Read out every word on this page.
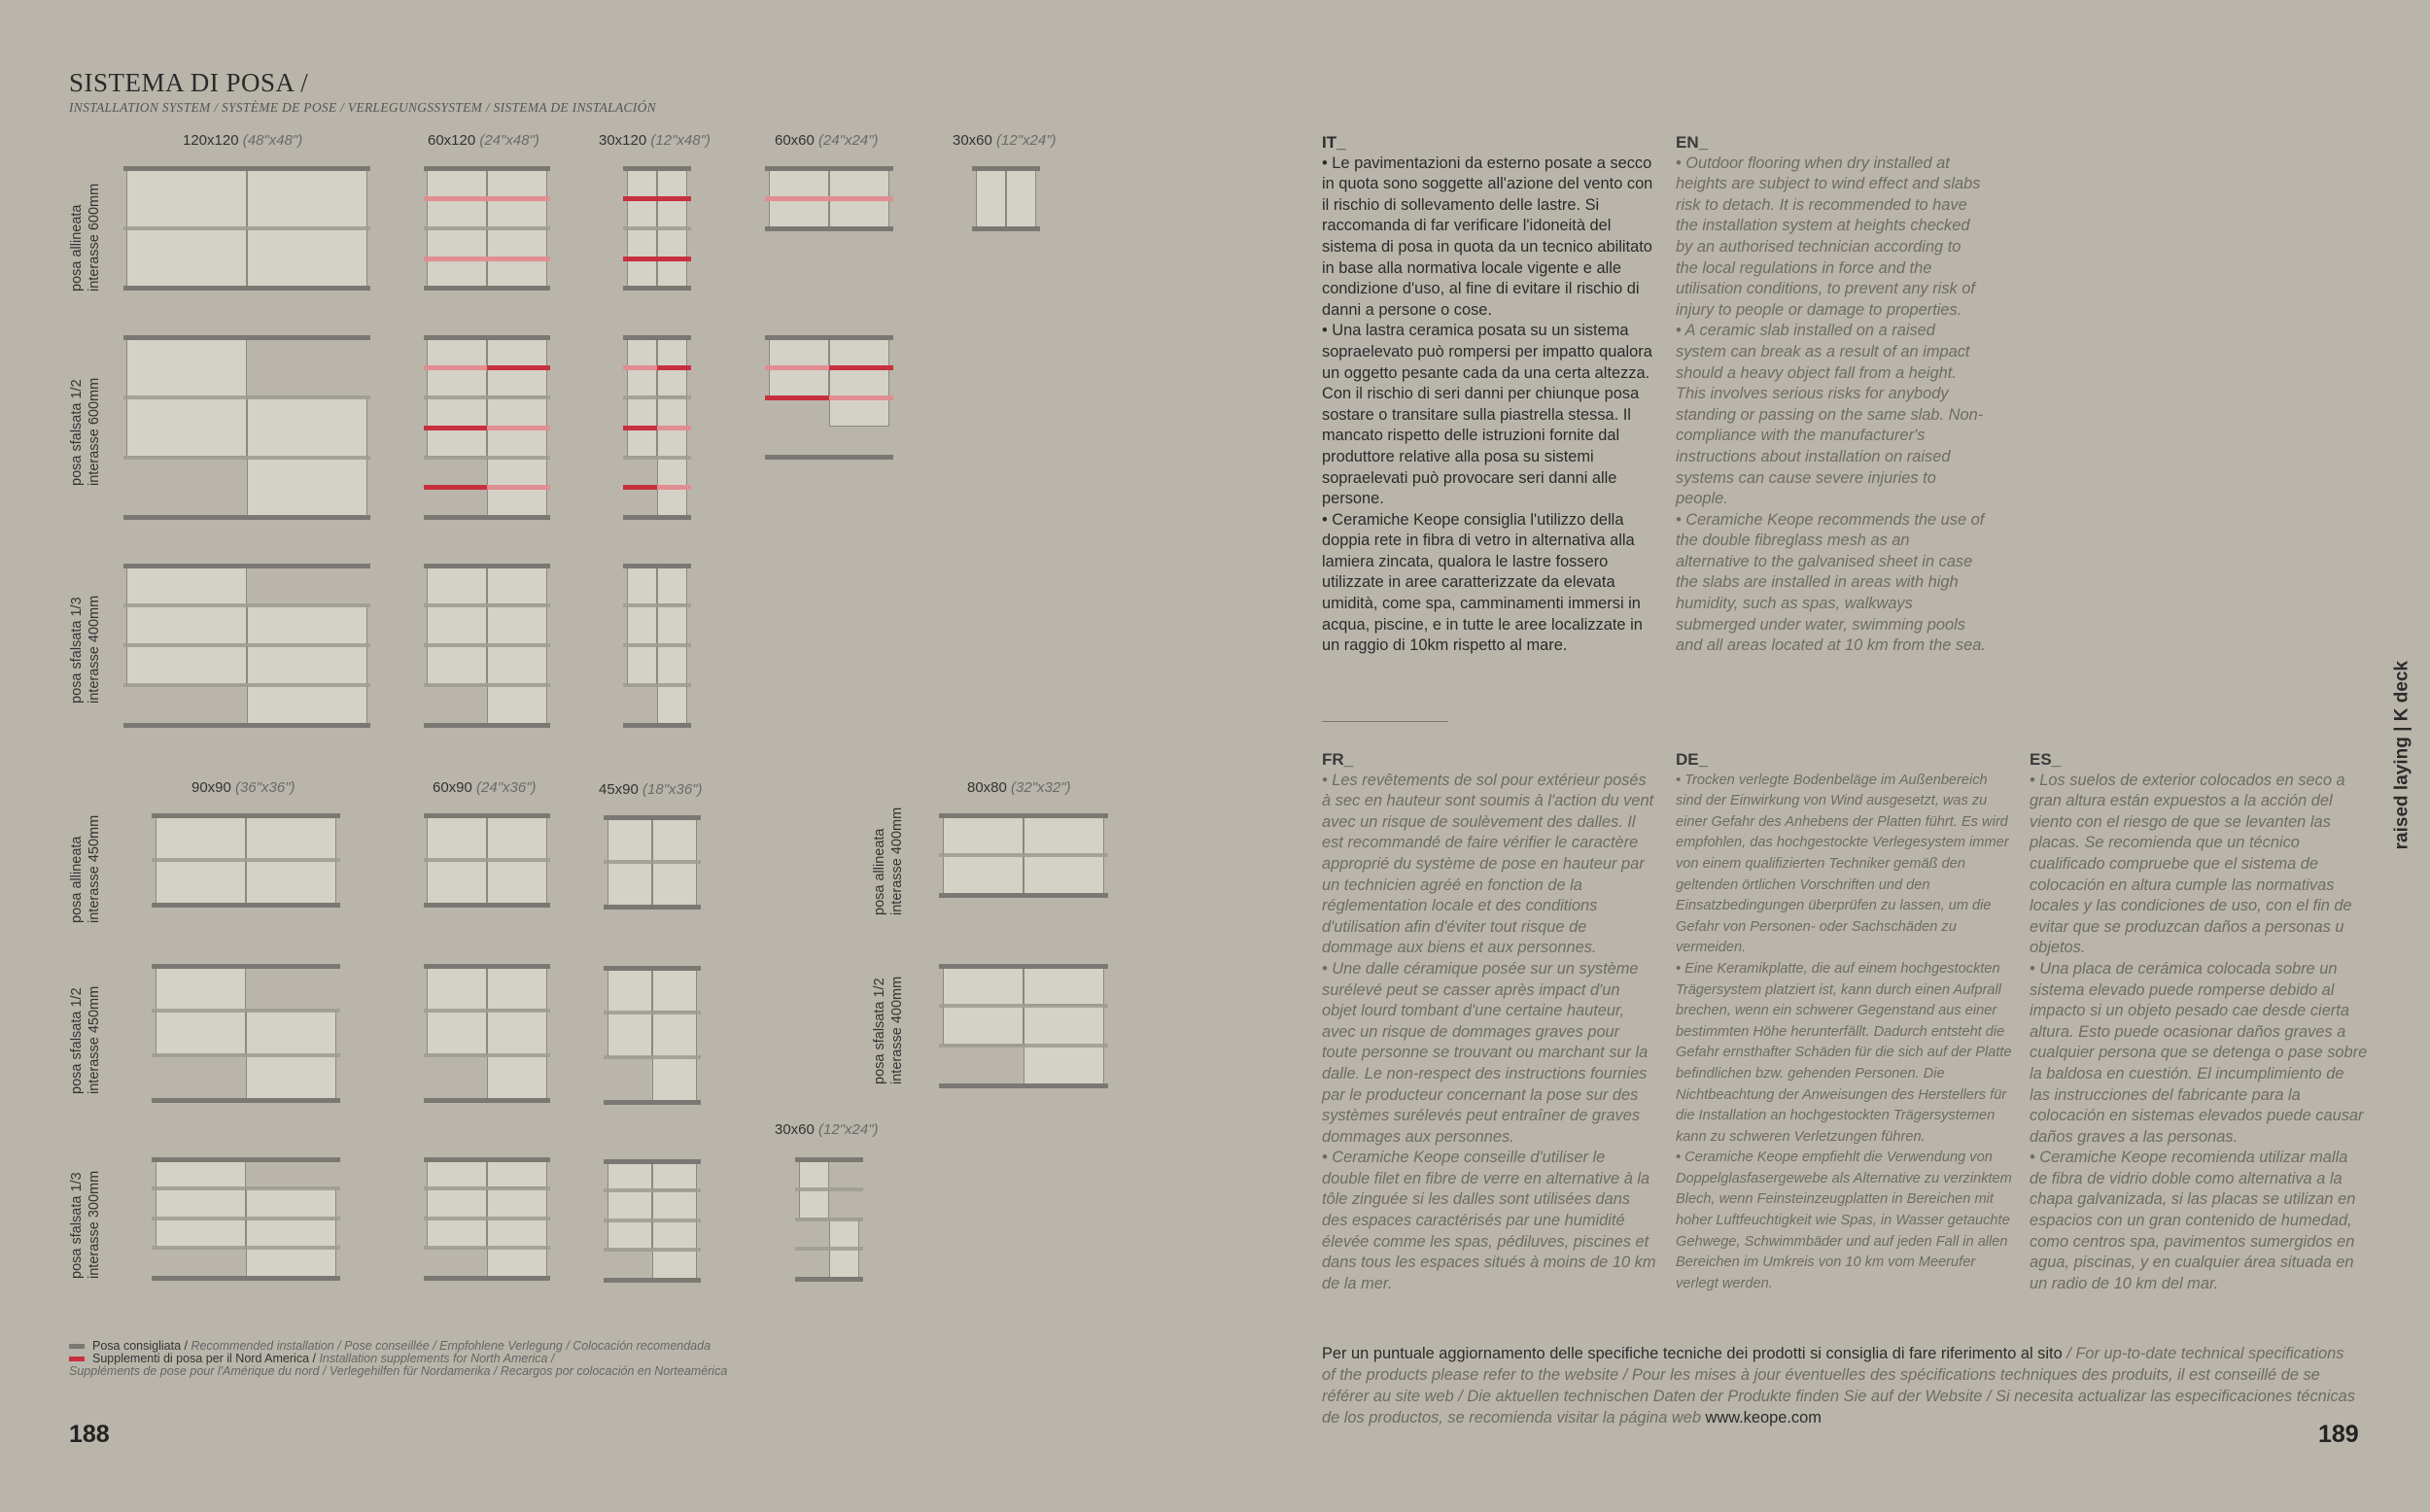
SISTEMA DI POSA /
INSTALLATION SYSTEM / SYSTÈME DE POSE / VERLEGUNGSSYSTEM / SISTEMA DE INSTALACIÓN
120x120 (48"x48")	60x120 (24"x48")	30x120 (12"x48")	60x60 (24"x24")	30x60 (12"x24")
posa allineata interasse 600mm
posa sfalsata 1/2 interasse 600mm
posa sfalsata 1/3 interasse 400mm
90x90 (36"x36")	60x90 (24"x36")	45x90 (18"x36")	80x80 (32"x32")
30x60 (12"x24")
posa allineata interasse 450mm
posa sfalsata 1/2 interasse 450mm
posa sfalsata 1/3 interasse 300mm
posa allineata interasse 400mm
posa sfalsata 1/2 interasse 400mm
Posa consigliata / Recommended installation / Pose conseillée / Empfohlene Verlegung / Colocación recomendada
Supplementi di posa per il Nord America / Installation supplements for North America /
Suppléments de pose pour l'Amérique du nord / Verlegehilfen für Nordamerika / Recargos por colocación en Norteamérica
188
IT_

• Le pavimentazioni da esterno posate a secco in quota sono soggette all'azione del vento con il rischio di sollevamento delle lastre. Si raccomanda di far verificare l'idoneità del sistema di posa in quota da un tecnico abilitato in base alla normativa locale vigente e alle condizione d'uso, al fine di evitare il rischio di danni a persone o cose.

• Una lastra ceramica posata su un sistema sopraelevato può rompersi per impatto qualora un oggetto pesante cada da una certa altezza. Con il rischio di seri danni per chiunque posa sostare o transitare sulla piastrella stessa. Il mancato rispetto delle istruzioni fornite dal produttore relative alla posa su sistemi sopraelevati può provocare seri danni alle persone.

• Ceramiche Keope consiglia l'utilizzo della doppia rete in fibra di vetro in alternativa alla lamiera zincata, qualora le lastre fossero utilizzate in aree caratterizzate da elevata umidità, come spa, camminamenti immersi in acqua, piscine, e in tutte le aree localizzate in un raggio di 10km rispetto al mare.

EN_

• Outdoor flooring when dry installed at heights are subject to wind effect and slabs risk to detach. It is recommended to have the installation system at heights checked by an authorised technician according to the local regulations in force and the utilisation conditions, to prevent any risk of injury to people or damage to properties.

• A ceramic slab installed on a raised system can break as a result of an impact should a heavy object fall from a height. This involves serious risks for anybody standing or passing on the same slab. Non-compliance with the manufacturer's instructions about installation on raised systems can cause severe injuries to people.

• Ceramiche Keope recommends the use of the double fibreglass mesh as an alternative to the galvanised sheet in case the slabs are installed in areas with high humidity, such as spas, walkways submerged under water, swimming pools and all areas located at 10 km from the sea.

FR_

• Les revêtements de sol pour extérieur posés à sec en hauteur sont soumis à l'action du vent avec un risque de soulèvement des dalles. Il est recommandé de faire vérifier le caractère approprié du système de pose en hauteur par un technicien agréé en fonction de la réglementation locale et des conditions d'utilisation afin d'éviter tout risque de dommage aux biens et aux personnes.

• Une dalle céramique posée sur un système surélevé peut se casser après impact d'un objet lourd tombant d'une certaine hauteur, avec un risque de dommages graves pour toute personne se trouvant ou marchant sur la dalle. Le non-respect des instructions fournies par le producteur concernant la pose sur des systèmes surélevés peut entraîner de graves dommages aux personnes.

• Ceramiche Keope conseille d'utiliser le double filet en fibre de verre en alternative à la tôle zinguée si les dalles sont utilisées dans des espaces caractérisés par une humidité élevée comme les spas, pédiluves, piscines et dans tous les espaces situés à moins de 10 km de la mer.

DE_

• Trocken verlegte Bodenbeläge im Außenbereich sind der Einwirkung von Wind ausgesetzt, was zu einer Gefahr des Anhebens der Platten führt. Es wird empfohlen, das hochgestockte Verlegesystem immer von einem qualifizierten Techniker gemäß den geltenden örtlichen Vorschriften und den Einsatzbedingungen überprüfen zu lassen, um die Gefahr von Personen- oder Sachschäden zu vermeiden.

• Eine Keramikplatte, die auf einem hochgestockten Trägersystem platziert ist, kann durch einen Aufprall brechen, wenn ein schwerer Gegenstand aus einer bestimmten Höhe herunterfällt. Dadurch entsteht die Gefahr ernsthafter Schäden für die sich auf der Platte befindlichen bzw. gehenden Personen. Die Nichtbeachtung der Anweisungen des Herstellers für die Installation an hochgestockten Trägersystemen kann zu schweren Verletzungen führen.

• Ceramiche Keope empfiehlt die Verwendung von Doppelglasfasergewebe als Alternative zu verzinktem Blech, wenn Feinsteinzeugplatten in Bereichen mit hoher Luftfeuchtigkeit wie Spas, in Wasser getauchte Gehwege, Schwimmbäder und auf jeden Fall in allen Bereichen im Umkreis von 10 km vom Meerufer verlegt werden.

ES_

• Los suelos de exterior colocados en seco a gran altura están expuestos a la acción del viento con el riesgo de que se levanten las placas. Se recomienda que un técnico cualificado compruebe que el sistema de colocación en altura cumple las normativas locales y las condiciones de uso, con el fin de evitar que se produzcan daños a personas u objetos.

• Una placa de cerámica colocada sobre un sistema elevado puede romperse debido al impacto si un objeto pesado cae desde cierta altura. Esto puede ocasionar daños graves a cualquier persona que se detenga o pase sobre la baldosa en cuestión. El incumplimiento de las instrucciones del fabricante para la colocación en sistemas elevados puede causar daños graves a las personas.

• Ceramiche Keope recomienda utilizar malla de fibra de vidrio doble como alternativa a la chapa galvanizada, si las placas se utilizan en espacios con un gran contenido de humedad, como centros spa, pavimentos sumergidos en agua, piscinas, y en cualquier área situada en un radio de 10 km del mar.

Per un puntuale aggiornamento delle specifiche tecniche dei prodotti si consiglia di fare riferimento al sito / For up-to-date technical specifications of the products please refer to the website / Pour les mises à jour éventuelles des spécifications techniques des produits, il est conseillé de se référer au site web / Die aktuellen technischen Daten der Produkte finden Sie auf der Website / Si necesita actualizar las especificaciones técnicas de los productos, se recomienda visitar la página web www.keope.com
raised laying | K deck
189
